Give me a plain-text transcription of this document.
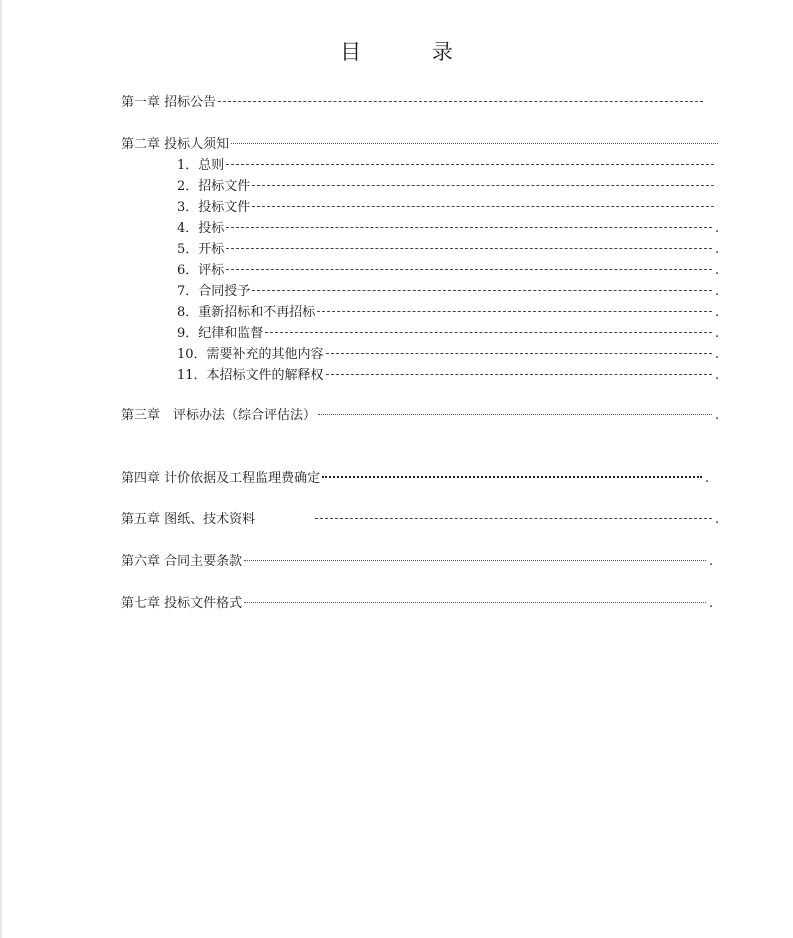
目 录
第一章 招标公告
第二章 投标人须知
1．总则
2．招标文件
3．投标文件
4．投标	.
5．开标	.
6．评标	.
7．合同授予	.
8．重新招标和不再招标	.
9．纪律和监督	.
10．需要补充的其他内容	.
11．本招标文件的解释权	.
第三章　评标办法（综合评估法）	.
第四章 计价依据及工程监理费确定	.
第五章 图纸、技术资料	.
第六章 合同主要条款	.
第七章 投标文件格式	.
